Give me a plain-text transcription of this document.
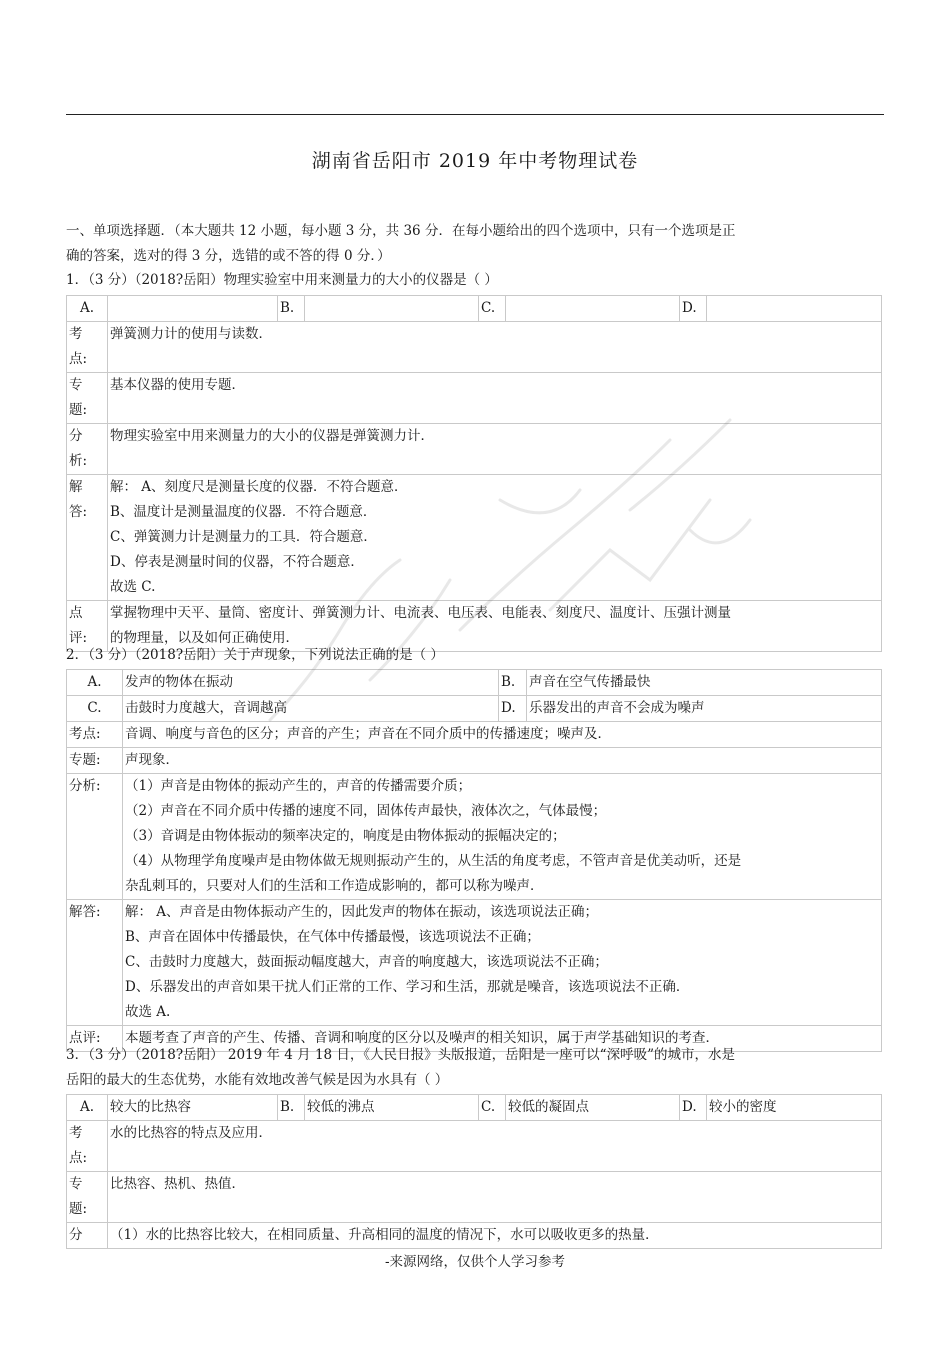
湖南省岳阳市 2019 年中考物理试卷
一、单项选择题．（本大题共 12 小题，每小题 3 分，共 36 分．在每小题给出的四个选项中，只有一个选项是正
确的答案，选对的得 3 分，选错的或不答的得 0 分．）
1．（3 分）（2018?岳阳）物理实验室中用来测量力的大小的仪器是（ ）
A.		B.		C.		D.	

考
点:	弹簧测力计的使用与读数．						

专
题:	基本仪器的使用专题．						

分
析:	物理实验室中用来测量力的大小的仪器是弹簧测力计．						

解
答:	解： A、刻度尺是测量长度的仪器．不符合题意．
B、温度计是测量温度的仪器．不符合题意．
C、弹簧测力计是测量力的工具．符合题意．
D、停表是测量时间的仪器，不符合题意．
故选 C.						

点
评:	掌握物理中天平、量筒、密度计、弹簧测力计、电流表、电压表、电能表、刻度尺、温度计、压强计测量
的物理量，以及如何正确使用．						
2．（3 分）（2018?岳阳）关于声现象，下列说法正确的是（ ）
A.	发声的物体在振动	B.	声音在空气传播最快
C.	击鼓时力度越大，音调越高	D.	乐器发出的声音不会成为噪声
考点:	音调、响度与音色的区分；声音的产生；声音在不同介质中的传播速度；噪声及．		
专题:	声现象．		
分析:	（1）声音是由物体的振动产生的，声音的传播需要介质；
（2）声音在不同介质中传播的速度不同，固体传声最快，液体次之，气体最慢；
（3）音调是由物体振动的频率决定的，响度是由物体振动的振幅决定的；
（4）从物理学角度噪声是由物体做无规则振动产生的，从生活的角度考虑，不管声音是优美动听，还是
杂乱刺耳的，只要对人们的生活和工作造成影响的，都可以称为噪声．		

解答:	解： A、声音是由物体振动产生的，因此发声的物体在振动，该选项说法正确；
B、声音在固体中传播最快，在气体中传播最慢，该选项说法不正确；
C、击鼓时力度越大，鼓面振动幅度越大，声音的响度越大，该选项说法不正确；
D、乐器发出的声音如果干扰人们正常的工作、学习和生活，那就是噪音，该选项说法不正确．
故选 A.		

点评:	本题考查了声音的产生、传播、音调和响度的区分以及噪声的相关知识，属于声学基础知识的考查．		
3．（3 分）（2018?岳阳） 2019 年 4 月 18 日，《人民日报》头版报道，岳阳是一座可以“深呼吸”的城市，水是
岳阳的最大的生态优势，水能有效地改善气候是因为水具有（ ）
A.	较大的比热容	B.	较低的沸点	C.	较低的凝固点	D.	较小的密度

考
点:	水的比热容的特点及应用．						

专
题:	比热容、热机、热值．						
分	（1）水的比热容比较大，在相同质量、升高相同的温度的情况下，水可以吸收更多的热量．						
-来源网络，仅供个人学习参考
